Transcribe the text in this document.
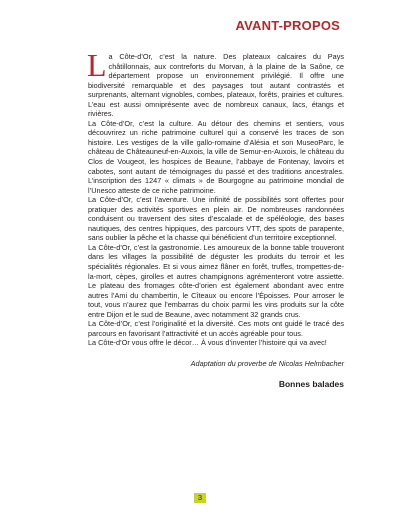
AVANT-PROPOS

La Côte-d’Or, c’est la nature. Des plateaux calcaires du Pays châtillonnais, aux contreforts du Morvan, à la plaine de la Saône, ce département propose un environnement privilégié. Il offre une biodiversité remarquable et des paysages tout autant contrastés et surprenants, alternant vignobles, combes, plateaux, forêts, prairies et cultures. L’eau est aussi omniprésente avec de nombreux canaux, lacs, étangs et rivières.

La Côte-d’Or, c’est la culture. Au détour des chemins et sentiers, vous découvrirez un riche patrimoine culturel qui a conservé les traces de son histoire. Les vestiges de la ville gallo-romaine d’Alésia et son MuseoParc, le château de Châteauneuf-en-Auxois, la ville de Semur-en-Auxois, le château du Clos de Vougeot, les hospices de Beaune, l’abbaye de Fontenay, lavoirs et cabotes, sont autant de témoignages du passé et des traditions ancestrales. L’inscription des 1247 « climats » de Bourgogne au patrimoine mondial de l’Unesco atteste de ce riche patrimoine.

La Côte-d’Or, c’est l’aventure. Une infinité de possibilités sont offertes pour pratiquer des activités sportives en plein air. De nombreuses randonnées conduisent ou traversent des sites d’escalade et de spéléologie, des bases nautiques, des centres hippiques, des parcours VTT, des spots de parapente, sans oublier la pêche et la chasse qui bénéficient d’un territoire exceptionnel.

La Côte-d’Or, c’est la gastronomie. Les amoureux de la bonne table trouveront dans les villages la possibilité de déguster les produits du terroir et les spécialités régionales. Et si vous aimez flâner en forêt, truffes, trompettes-de-la-mort, cèpes, girolles et autres champignons agrémenteront votre assiette. Le plateau des fromages côte-d’orien est également abondant avec entre autres l’Ami du chambertin, le Cîteaux ou encore l’Époisses. Pour arroser le tout, vous n’aurez que l’embarras du choix parmi les vins produits sur la côte entre Dijon et le sud de Beaune, avec notamment 32 grands crus.

La Côte-d’Or, c’est l’originalité et la diversité. Ces mots ont guidé le tracé des parcours en favorisant l’attractivité et un accès agréable pour tous.

La Côte-d’Or vous offre le décor… À vous d’inventer l’histoire qui va avec!

Adaptation du proverbe de Nicolas Helmbacher
Bonnes balades
3
